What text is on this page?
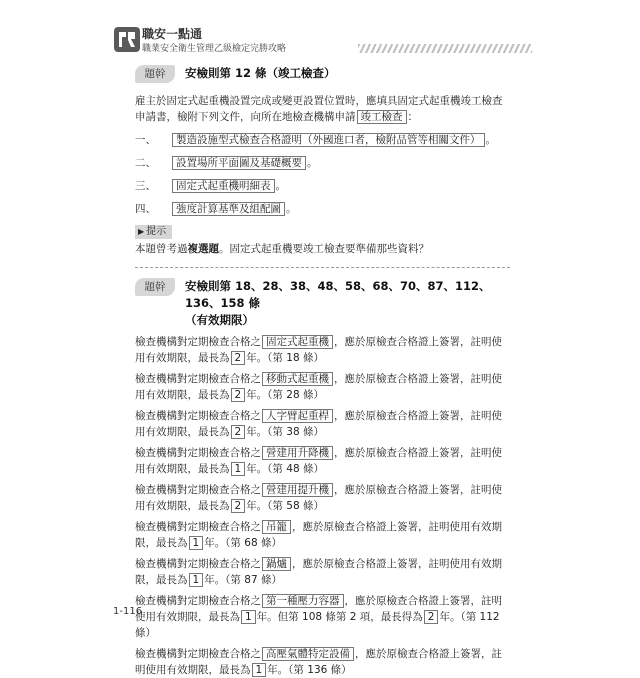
職安一點通
職業安全衛生管理乙級檢定完勝攻略
題幹	安檢則第 12 條（竣工檢查）

雇主於固定式起重機設置完成或變更設置位置時，應填具固定式起重機竣工檢查申請書，檢附下列文件，向所在地檢查機構申請 竣工檢查 ：

一、	製造設施型式檢查合格證明（外國進口者，檢附品管等相關文件） 。
二、	設置場所平面圖及基礎概要 。
三、	固定式起重機明細表 。
四、	強度計算基準及組配圖 。
▶ 提示

本題曾考過複選題。固定式起重機要竣工檢查要準備那些資料？

題幹	安檢則第 18、28、38、48、58、68、70、87、112、136、158 條
（有效期限）

檢查機構對定期檢查合格之 固定式起重機 ，應於原檢查合格證上簽署，註明使用有效期限，最長為 2 年。（第 18 條）

檢查機構對定期檢查合格之 移動式起重機 ，應於原檢查合格證上簽署，註明使用有效期限，最長為 2 年。（第 28 條）

檢查機構對定期檢查合格之 人字臂起重桿 ，應於原檢查合格證上簽署，註明使用有效期限，最長為 2 年。（第 38 條）

檢查機構對定期檢查合格之 營建用升降機 ，應於原檢查合格證上簽署，註明使用有效期限，最長為 1 年。（第 48 條）

檢查機構對定期檢查合格之 營建用提升機 ，應於原檢查合格證上簽署，註明使用有效期限，最長為 2 年。（第 58 條）

檢查機構對定期檢查合格之 吊籠 ，應於原檢查合格證上簽署，註明使用有效期限，最長為 1 年。（第 68 條）

檢查機構對定期檢查合格之 鍋爐 ，應於原檢查合格證上簽署，註明使用有效期限，最長為 1 年。（第 87 條）

檢查機構對定期檢查合格之 第一種壓力容器 ，應於原檢查合格證上簽署，註明使用有效期限，最長為 1 年。但第 108 條第 2 項，最長得為 2 年。（第 112 條）

檢查機構對定期檢查合格之 高壓氣體特定設備 ，應於原檢查合格證上簽署，註明使用有效期限，最長為 1 年。（第 136 條）

1-116
